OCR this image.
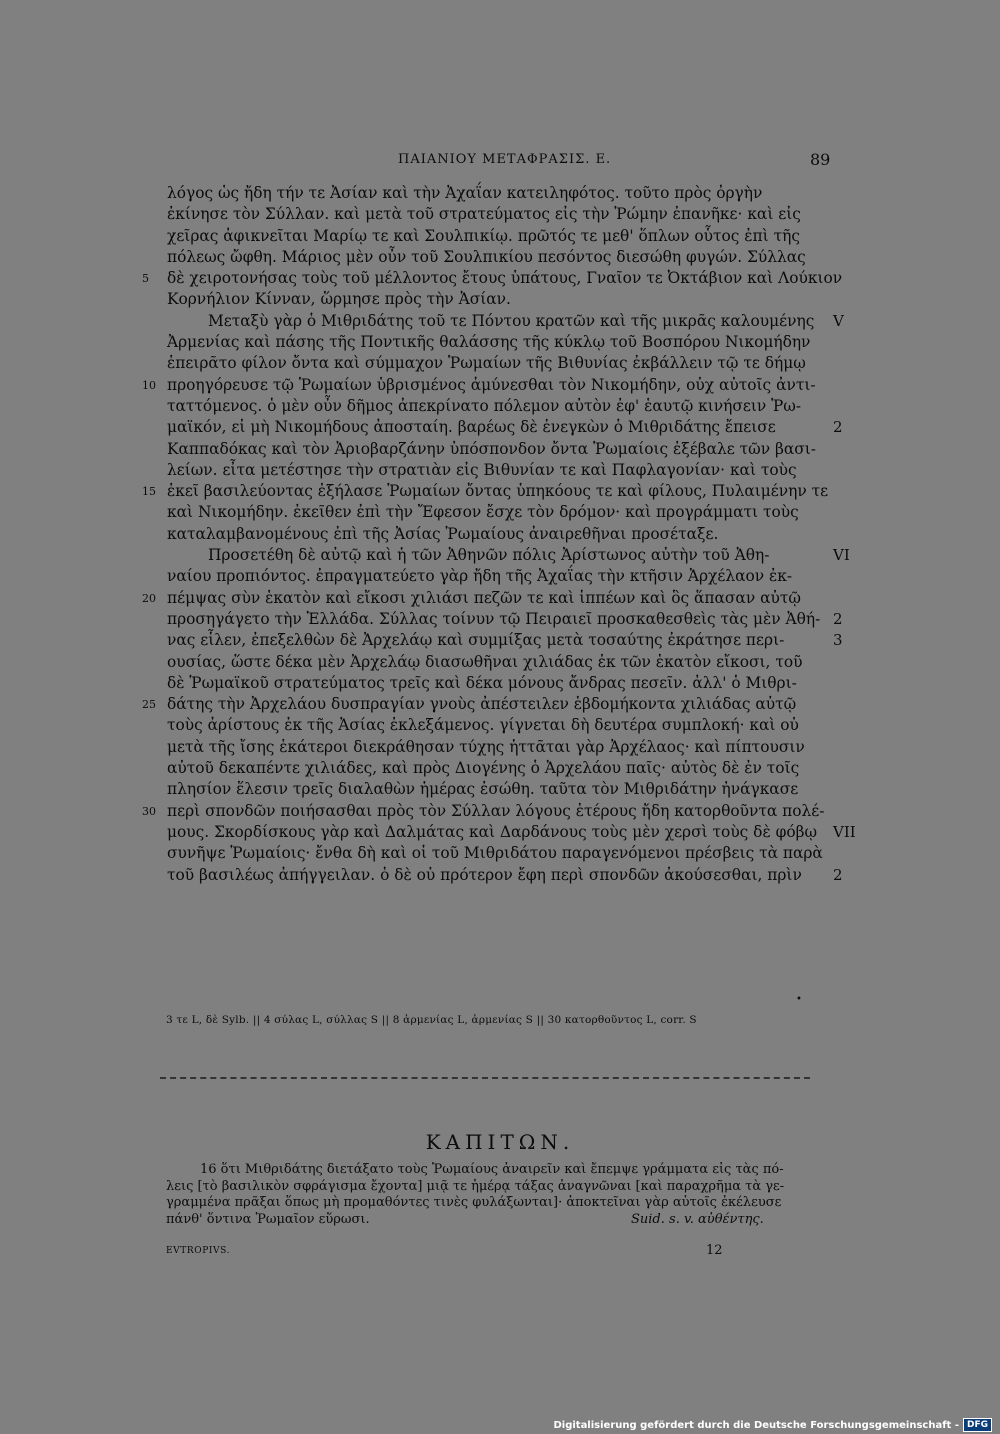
ΠΑΙΑΝΙΟΥ ΜΕΤΑΦΡΑΣΙΣ. Ε.	89
λόγος ὡς ἤδη τήν τε Ἀσίαν καὶ τὴν Ἀχαΐαν κατειληφότος. τοῦτο πρὸς ὀργὴν
ἐκίνησε τὸν Σύλλαν. καὶ μετὰ τοῦ στρατεύματος εἰς τὴν Ῥώμην ἐπανῆκε· καὶ εἰς
χεῖρας ἀφικνεῖται Μαρίῳ τε καὶ Σουλπικίῳ. πρῶτός τε μεθ' ὅπλων οὗτος ἐπὶ τῆς
πόλεως ὤφθη. Μάριος μὲν οὖν τοῦ Σουλπικίου πεσόντος διεσώθη φυγών. Σύλλας
5	δὲ χειροτονήσας τοὺς τοῦ μέλλοντος ἔτους ὑπάτους, Γναῖον τε Ὀκτάβιον καὶ Λούκιον
Κορνήλιον Κίνναν, ὥρμησε πρὸς τὴν Ἀσίαν.
Μεταξὺ γὰρ ὁ Μιθριδάτης τοῦ τε Πόντου κρατῶν καὶ τῆς μικρᾶς καλουμένης V
Ἀρμενίας καὶ πάσης τῆς Ποντικῆς θαλάσσης τῆς κύκλῳ τοῦ Βοσπόρου Νικομήδην
ἐπειρᾶτο φίλον ὄντα καὶ σύμμαχον Ῥωμαίων τῆς Βιθυνίας ἐκβάλλειν τῷ τε δήμῳ
10 προηγόρευσε τῷ Ῥωμαίων ὑβρισμένος ἀμύνεσθαι τὸν Νικομήδην, οὐχ αὐτοῖς ἀντι-
ταττόμενος. ὁ μὲν οὖν δῆμος ἀπεκρίνατο πόλεμον αὐτὸν ἐφ' ἑαυτῷ κινήσειν Ῥω-
μαϊκόν, εἰ μὴ Νικομήδους ἀποσταίη. βαρέως δὲ ἐνεγκὼν ὁ Μιθριδάτης ἔπεισε	2
Καππαδόκας καὶ τὸν Ἀριοβαρζάνην ὑπόσπονδον ὄντα Ῥωμαίοις ἐξέβαλε τῶν βασι-
λείων. εἶτα μετέστησε τὴν στρατιὰν εἰς Βιθυνίαν τε καὶ Παφλαγονίαν· καὶ τοὺς
15 ἐκεῖ βασιλεύοντας ἐξήλασε Ῥωμαίων ὄντας ὑπηκόους τε καὶ φίλους, Πυλαιμένην τε
καὶ Νικομήδην. ἐκεῖθεν ἐπὶ τὴν Ἔφεσον ἔσχε τὸν δρόμον· καὶ προγράμματι τοὺς
καταλαμβανομένους ἐπὶ τῆς Ἀσίας Ῥωμαίους ἀναιρεθῆναι προσέταξε.
Προσετέθη δὲ αὐτῷ καὶ ἡ τῶν Ἀθηνῶν πόλις Ἀρίστωνος αὐτὴν τοῦ Ἀθη-	VI
ναίου προπιόντος. ἐπραγματεύετο γὰρ ἤδη τῆς Ἀχαΐας τὴν κτῆσιν Ἀρχέλαον ἐκ-
20 πέμψας σὺν ἑκατὸν καὶ εἴκοσι χιλιάσι πεζῶν τε καὶ ἱππέων καὶ ὃς ἅπασαν αὐτῷ
προσηγάγετο τὴν Ἑλλάδα. Σύλλας τοίνυν τῷ Πειραιεῖ προσκαθεσθεὶς τὰς μὲν Ἀθή- 2
νας εἷλεν, ἐπεξελθὼν δὲ Ἀρχελάῳ καὶ συμμίξας μετὰ τοσαύτης ἐκράτησε περι-	3
ουσίας, ὥστε δέκα μὲν Ἀρχελάῳ διασωθῆναι χιλιάδας ἐκ τῶν ἑκατὸν εἴκοσι, τοῦ
δὲ Ῥωμαϊκοῦ στρατεύματος τρεῖς καὶ δέκα μόνους ἄνδρας πεσεῖν. ἀλλ' ὁ Μιθρι-
25 δάτης τὴν Ἀρχελάου δυσπραγίαν γνοὺς ἀπέστειλεν ἑβδομήκοντα χιλιάδας αὐτῷ
τοὺς ἀρίστους ἐκ τῆς Ἀσίας ἐκλεξάμενος. γίγνεται δὴ δευτέρα συμπλοκή· καὶ οὐ
μετὰ τῆς ἴσης ἑκάτεροι διεκράθησαν τύχης ἡττᾶται γὰρ Ἀρχέλαος· καὶ πίπτουσιν
αὐτοῦ δεκαπέντε χιλιάδες, καὶ πρὸς Διογένης ὁ Ἀρχελάου παῖς· αὐτὸς δὲ ἐν τοῖς
πλησίον ἕλεσιν τρεῖς διαλαθὼν ἡμέρας ἐσώθη. ταῦτα τὸν Μιθριδάτην ἠνάγκασε
30 περὶ σπονδῶν ποιήσασθαι πρὸς τὸν Σύλλαν λόγους ἑτέρους ἤδη κατορθοῦντα πολέ-
μους. Σκορδίσκους γὰρ καὶ Δαλμάτας καὶ Δαρδάνους τοὺς μὲν χερσὶ τοὺς δὲ φόβῳ VII
συνῆψε Ῥωμαίοις· ἔνθα δὴ καὶ οἱ τοῦ Μιθριδάτου παραγενόμενοι πρέσβεις τὰ παρὰ
τοῦ βασιλέως ἀπήγγειλαν. ὁ δὲ οὐ πρότερον ἔφη περὶ σπονδῶν ἀκούσεσθαι, πρὶν 2
•
3 τε L, δὲ Sylb. || 4 σύλας L, σύλλας S || 8 ἀρμενίας L, ἀρμενίας S || 30 κατορθοῦντος L, corr. S
ΚΑΠΙΤΩΝ.
16 ὅτι Μιθριδάτης διετάξατο τοὺς Ῥωμαίους ἀναιρεῖν καὶ ἔπεμψε γράμματα εἰς τὰς πό-
λεις [τὸ βασιλικὸν σφράγισμα ἔχοντα] μιᾷ τε ἡμέρᾳ τάξας ἀναγνῶναι [καὶ παραχρῆμα τὰ γε-
γραμμένα πρᾶξαι ὅπως μὴ προμαθόντες τινὲς φυλάξωνται]· ἀποκτεῖναι γὰρ αὐτοῖς ἐκέλευσε
πάνθ' ὅντινα Ῥωμαῖον εὕρωσι.	Suid. s. v. αὐθέντης.
EVTROPIVS.	12
Digitalisierung gefördert durch die Deutsche Forschungsgemeinschaft - DFG
